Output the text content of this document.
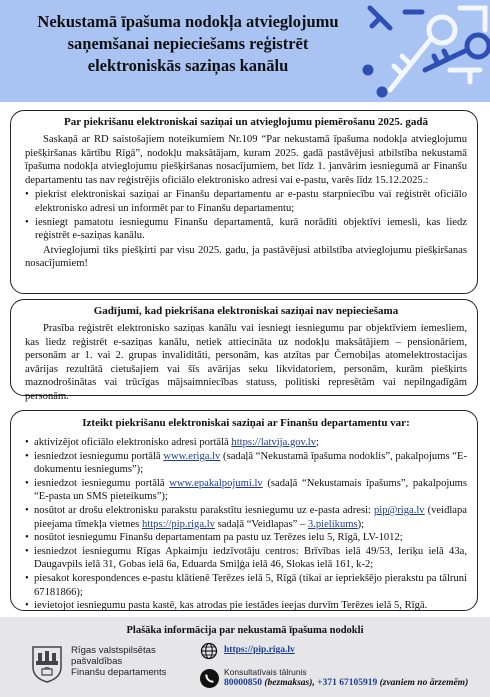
Nekustamā īpašuma nodokļa atvieglojumu
saņemšanai nepieciešams reģistrēt
elektroniskās saziņas kanālu
Par piekrišanu elektroniskai saziņai un atvieglojumu piemērošanu 2025. gadā

Saskaņā ar RD saistošajiem noteikumiem Nr.109 “Par nekustamā īpašuma nodokļa atvieglojumu piešķiršanas kārtību Rīgā”, nodokļu maksātājam, kuram 2025. gadā pastāvējusi atbilstība nekustamā īpašuma nodokļa atvieglojumu piešķiršanas nosacījumiem, bet līdz 1. janvārim iesniegumā ar Finanšu departamentu tas nav reģistrējis oficiālo elektronisko adresi vai e-pastu, varēs līdz 15.12.2025.:

• piekrist elektroniskai saziņai ar Finanšu departamentu ar e-pastu starpniecību vai reģistrēt oficiālo elektronisko adresi un informēt par to Finanšu departamentu;
• iesniegt pamatotu iesniegumu Finanšu departamentā, kurā norādīti objektīvi iemesli, kas liedz reģistrēt e-saziņas kanālu.

Atvieglojumi tiks piešķirti par visu 2025. gadu, ja pastāvējusi atbilstība atvieglojumu piešķiršanas nosacījumiem!

Gadījumi, kad piekrišana elektroniskai saziņai nav nepieciešama

Prasība reģistrēt elektronisko saziņas kanālu vai iesniegt iesniegumu par objektīviem iemesliem, kas liedz reģistrēt e-saziņas kanālu, netiek attiecināta uz nodokļu maksātājiem – pensionāriem, personām ar 1. vai 2. grupas invaliditāti, personām, kas atzītas par Černobiļas atomelektrostacijas avārijas rezultātā cietušajiem vai šīs avārijas seku likvidatoriem, personām, kurām piešķirts maznodrošinātas vai trūcīgas mājsaimniecības statuss, politiski represētām vai nepilngadīgām personām.

Izteikt piekrišanu elektroniskai saziņai ar Finanšu departamentu var:
• aktivizējot oficiālo elektronisko adresi portālā https://latvija.gov.lv;
• iesniedzot iesniegumu portālā www.eriga.lv (sadaļā “Nekustamā īpašuma nodoklis”, pakalpojums “E-dokumentu iesniegums”);
• iesniedzot iesniegumu portālā www.epakalpojumi.lv (sadaļā “Nekustamais īpašums”, pakalpojums “E-pasta un SMS pieteikums”);
• nosūtot ar drošu elektronisku parakstu parakstītu iesniegumu uz e-pasta adresi: pip@riga.lv (veidlapa pieejama tīmekļa vietnes https://pip.riga.lv sadaļā “Veidlapas” – 3.pielikums);
• nosūtot iesniegumu Finanšu departamentam pa pastu uz Terēzes ielu 5, Rīgā, LV-1012;
• iesniedzot iesniegumu Rīgas Apkaimju iedzīvotāju centros: Brīvības ielā 49/53, Ieriķu ielā 43a, Daugavpils ielā 31, Gobas ielā 6a, Eduarda Smiļģa ielā 46, Slokas ielā 161, k-2;
• piesakot korespondences e-pastu klātienē Terēzes ielā 5, Rīgā (tikai ar iepriekšējo pierakstu pa tālruni 67181866);
• ievietojot iesniegumu pasta kastē, kas atrodas pie iestādes ieejas durvīm Terēzes ielā 5, Rīgā.
Plašāka informācija par nekustamā īpašuma nodokli
Rīgas valstspilsētas
pašvaldības
Finanšu departaments
https://pip.riga.lv
Konsultatīvais tālrunis
80000850 (bezmaksas), +371 67105919 (zvaniem no ārzemēm)
